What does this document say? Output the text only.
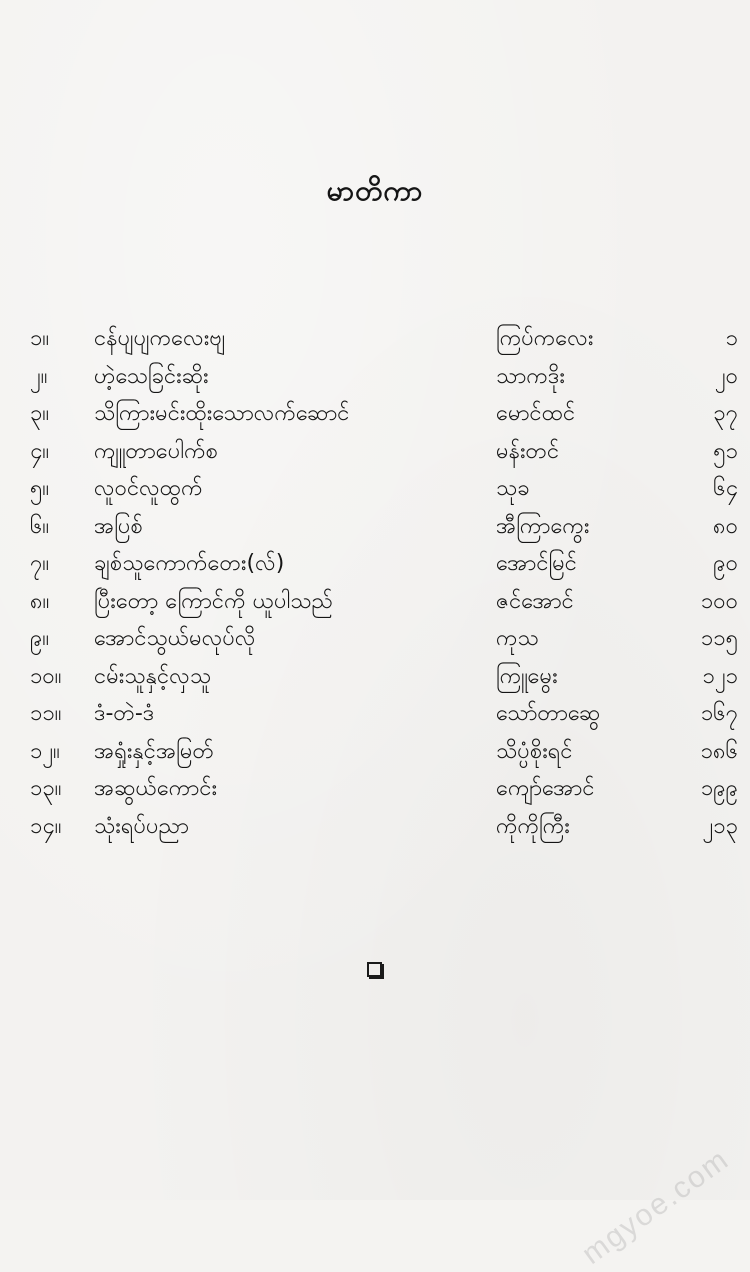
မာတိကာ
၁။	ငန်ပျပျကလေးဗျ	ကြပ်ကလေး	၁
၂။	ဟဲ့သေခြင်းဆိုး	သာကဒိုး	၂၀
၃။	သိကြားမင်းထိုးသောလက်ဆောင်	မောင်ထင်	၃၇
၄။	ကျူတာပေါက်စ	မန်းတင်	၅၁
၅။	လူဝင်လူထွက်	သုခ	၆၄
၆။	အပြစ်	အီကြာကွေး	၈၀
၇။	ချစ်သူကောက်တေး(လ်)	အောင်မြင်	၉၀
၈။	ပြီးတော့ ကြောင်ကို ယူပါသည်	ဇင်အောင်	၁၀၀
၉။	အောင်သွယ်မလုပ်လို	ကုသ	၁၁၅
၁၀။	ငမ်းသူနှင့်လှသူ	ကြူမွေး	၁၂၁
၁၁။	ဒံ-တဲ-ဒံ	သော်တာဆွေ	၁၆၇
၁၂။	အရှုံးနှင့်အမြတ်	သိပ္ပံစိုးရင်	၁၈၆
၁၃။	အဆွယ်ကောင်း	ကျော်အောင်	၁၉၉
၁၄။	သုံးရပ်ပညာ	ကိုကိုကြီး	၂၁၃
mgyoe.com
